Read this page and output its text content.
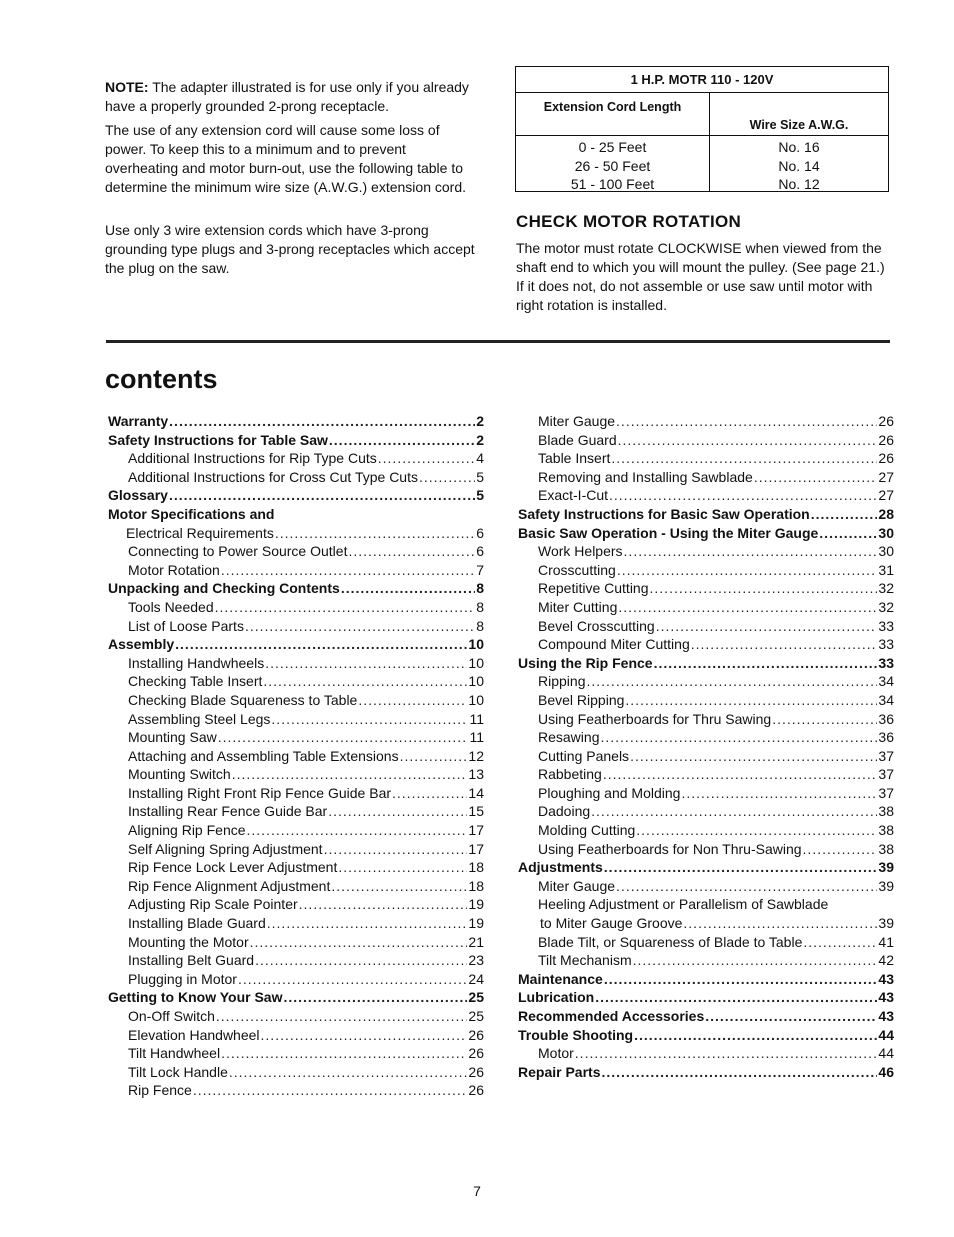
NOTE: The adapter illustrated is for use only if you already have a properly grounded 2-prong receptacle.
The use of any extension cord will cause some loss of power. To keep this to a minimum and to prevent overheating and motor burn-out, use the following table to determine the minimum wire size (A.W.G.) extension cord.
Use only 3 wire extension cords which have 3-prong grounding type plugs and 3-prong receptacles which accept the plug on the saw.
1 H.P. MOTR 110 - 120V
Extension Cord Length
Wire Size A.W.G.
0 - 25 Feet	No. 16
26 - 50 Feet	No. 14
51 - 100 Feet	No. 12
CHECK MOTOR ROTATION
The motor must rotate CLOCKWISE when viewed from the shaft end to which you will mount the pulley. (See page 21.) If it does not, do not assemble or use saw until motor with right rotation is installed.
contents
Warranty .....	2
Safety Instructions for Table Saw .....	2
Additional Instructions for Rip Type Cuts .....	4
Additional Instructions for Cross Cut Type Cuts .....	5
Glossary .....	5
Motor Specifications and
Electrical Requirements .....	6
Connecting to Power Source Outlet .....	6
Motor Rotation .....	7
Unpacking and Checking Contents .....	8
Tools Needed .....	8
List of Loose Parts .....	8
Assembly .....	10
Installing Handwheels .....	10
Checking Table Insert .....	10
Checking Blade Squareness to Table .....	10
Assembling Steel Legs .....	11
Mounting Saw .....	11
Attaching and Assembling Table Extensions .....	12
Mounting Switch .....	13
Installing Right Front Rip Fence Guide Bar .....	14
Installing Rear Fence Guide Bar .....	15
Aligning Rip Fence .....	17
Self Aligning Spring Adjustment .....	17
Rip Fence Lock Lever Adjustment .....	18
Rip Fence Alignment Adjustment .....	18
Adjusting Rip Scale Pointer .....	19
Installing Blade Guard .....	19
Mounting the Motor .....	21
Installing Belt Guard .....	23
Plugging in Motor .....	24
Getting to Know Your Saw .....	25
On-Off Switch .....	25
Elevation Handwheel .....	26
Tilt Handwheel .....	26
Tilt Lock Handle .....	26
Rip Fence .....	26
Miter Gauge .....	26
Blade Guard .....	26
Table Insert .....	26
Removing and Installing Sawblade .....	27
Exact-I-Cut .....	27
Safety Instructions for Basic Saw Operation .....	28
Basic Saw Operation - Using the Miter Gauge .....	30
Work Helpers .....	30
Crosscutting .....	31
Repetitive Cutting .....	32
Miter Cutting .....	32
Bevel Crosscutting .....	33
Compound Miter Cutting .....	33
Using the Rip Fence .....	33
Ripping .....	34
Bevel Ripping .....	34
Using Featherboards for Thru Sawing .....	36
Resawing .....	36
Cutting Panels .....	37
Rabbeting .....	37
Ploughing and Molding .....	37
Dadoing .....	38
Molding Cutting .....	38
Using Featherboards for Non Thru-Sawing .....	38
Adjustments .....	39
Miter Gauge .....	39
Heeling Adjustment or Parallelism of Sawblade
to Miter Gauge Groove .....	39
Blade Tilt, or Squareness of Blade to Table .....	41
Tilt Mechanism .....	42
Maintenance .....	43
Lubrication .....	43
Recommended Accessories .....	43
Trouble Shooting .....	44
Motor .....	44
Repair Parts .....	46
7
